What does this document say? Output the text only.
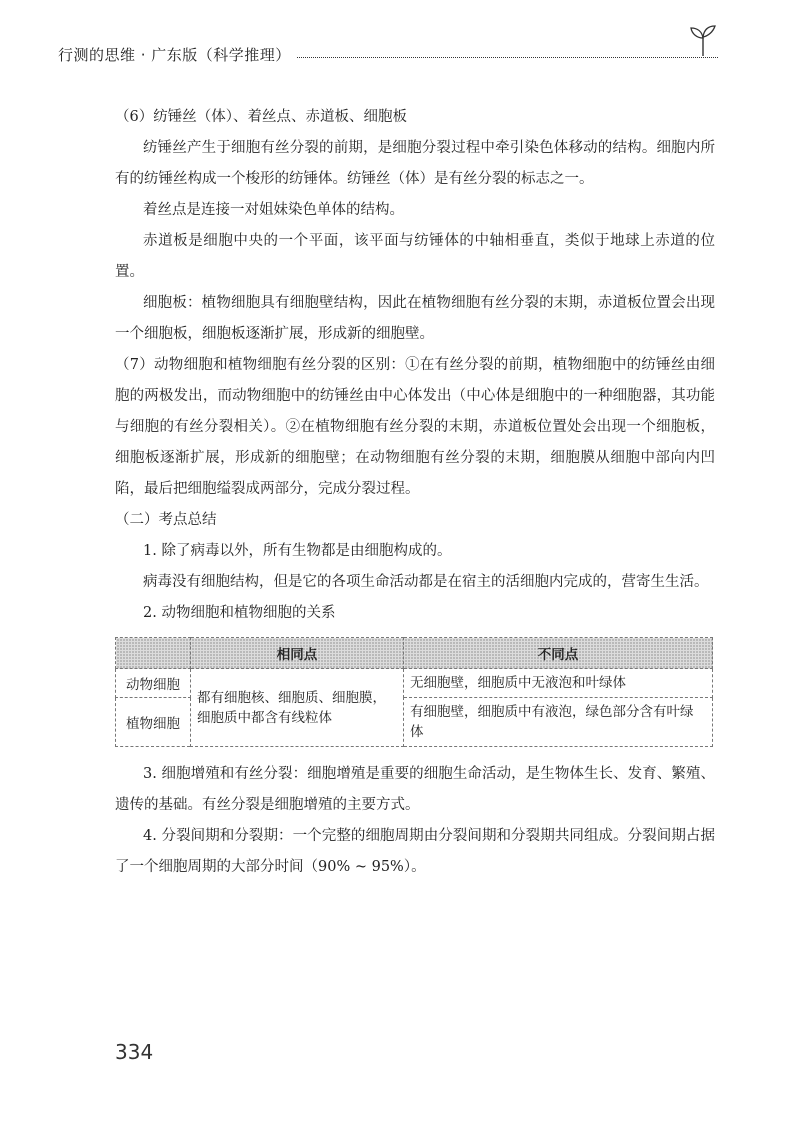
行测的思维 · 广东版（科学推理）

（6）纺锤丝（体）、着丝点、赤道板、细胞板

纺锤丝产生于细胞有丝分裂的前期，是细胞分裂过程中牵引染色体移动的结构。细胞内所有的纺锤丝构成一个梭形的纺锤体。纺锤丝（体）是有丝分裂的标志之一。

着丝点是连接一对姐妹染色单体的结构。

赤道板是细胞中央的一个平面，该平面与纺锤体的中轴相垂直，类似于地球上赤道的位置。

细胞板：植物细胞具有细胞壁结构，因此在植物细胞有丝分裂的末期，赤道板位置会出现一个细胞板，细胞板逐渐扩展，形成新的细胞壁。

（7）动物细胞和植物细胞有丝分裂的区别：①在有丝分裂的前期，植物细胞中的纺锤丝由细胞的两极发出，而动物细胞中的纺锤丝由中心体发出（中心体是细胞中的一种细胞器，其功能与细胞的有丝分裂相关）。②在植物细胞有丝分裂的末期，赤道板位置处会出现一个细胞板，细胞板逐渐扩展，形成新的细胞壁；在动物细胞有丝分裂的末期，细胞膜从细胞中部向内凹陷，最后把细胞缢裂成两部分，完成分裂过程。

（二）考点总结

1. 除了病毒以外，所有生物都是由细胞构成的。

病毒没有细胞结构，但是它的各项生命活动都是在宿主的活细胞内完成的，营寄生生活。

2. 动物细胞和植物细胞的关系

	相同点	不同点
动物细胞	都有细胞核、细胞质、细胞膜，细胞质中都含有线粒体	无细胞壁，细胞质中无液泡和叶绿体
植物细胞		有细胞壁，细胞质中有液泡，绿色部分含有叶绿体

3. 细胞增殖和有丝分裂：细胞增殖是重要的细胞生命活动，是生物体生长、发育、繁殖、遗传的基础。有丝分裂是细胞增殖的主要方式。

4. 分裂间期和分裂期：一个完整的细胞周期由分裂间期和分裂期共同组成。分裂间期占据了一个细胞周期的大部分时间（90% ~ 95%）。

334
